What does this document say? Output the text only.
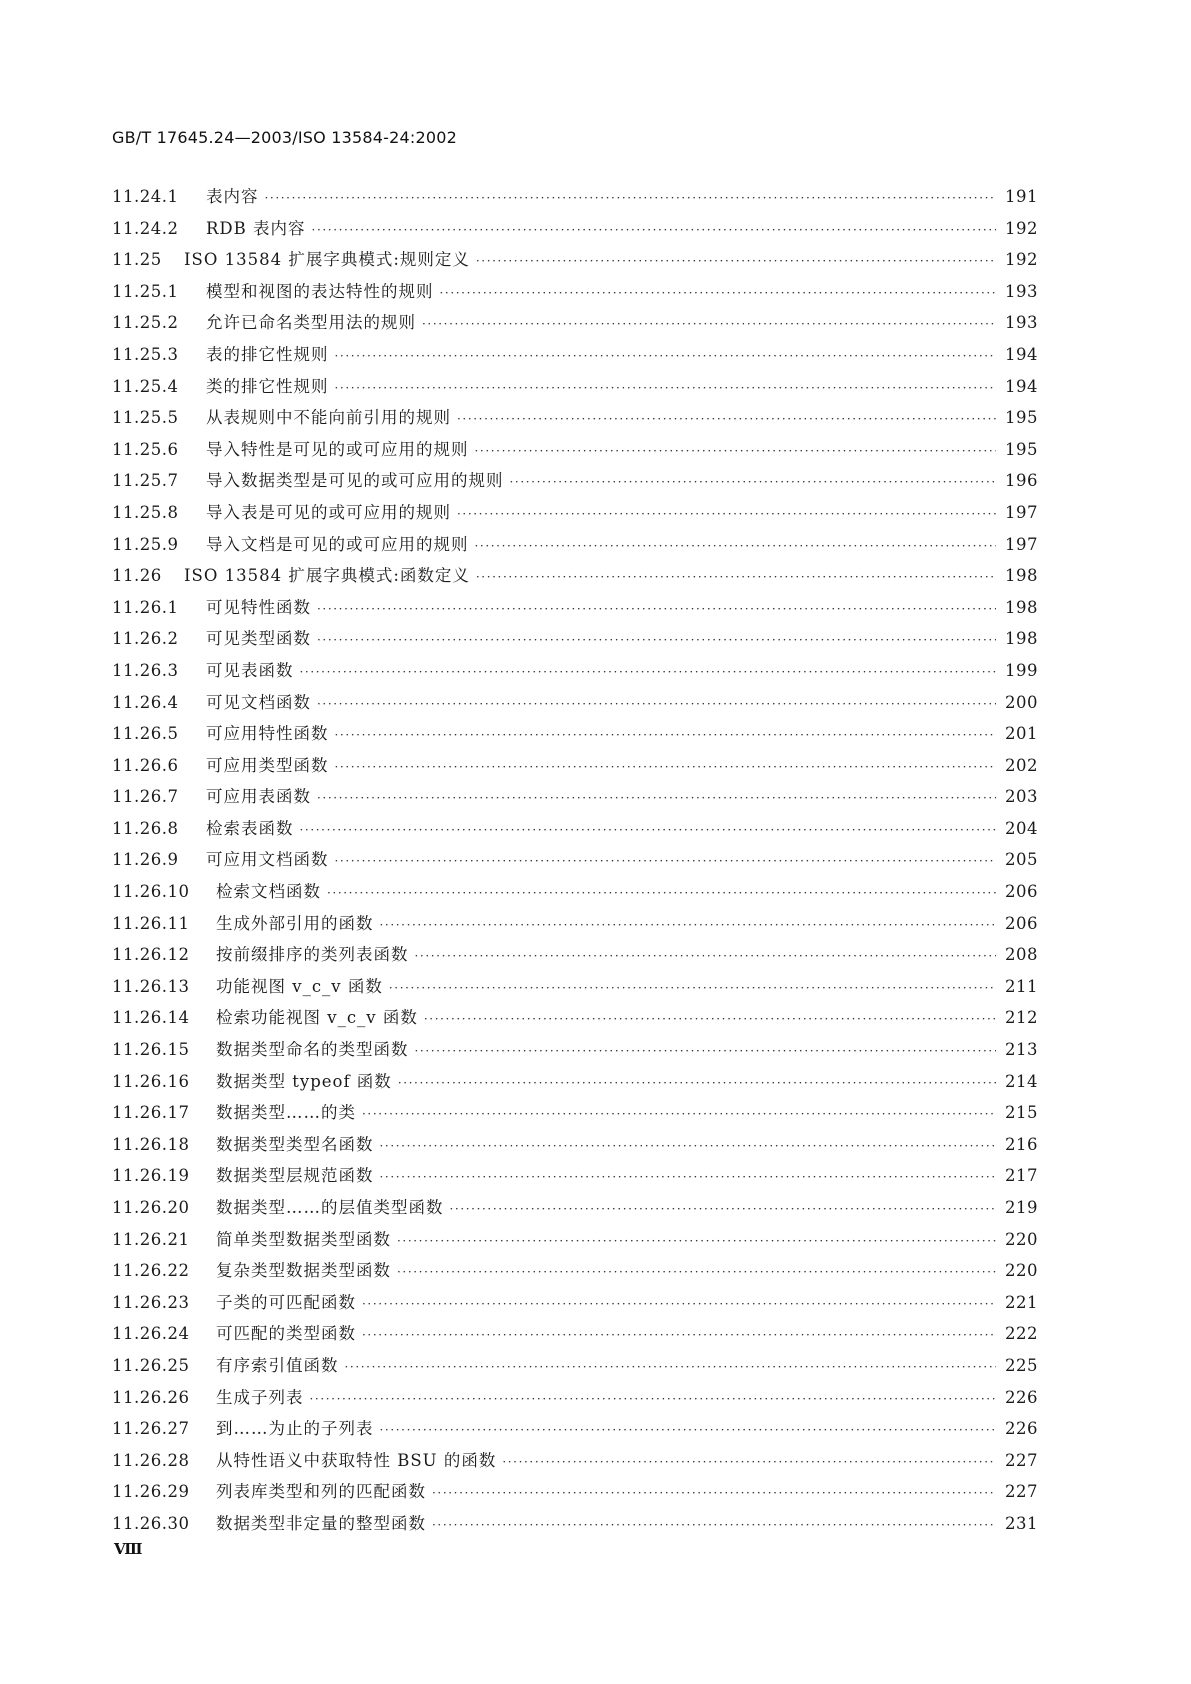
GB/T 17645.24—2003/ISO 13584-24:2002
11.24.1	表内容 ·····	191
11.24.2	RDB 表内容 ·····	192
11.25	ISO 13584 扩展字典模式:规则定义 ·····	192
11.25.1	模型和视图的表达特性的规则 ·····	193
11.25.2	允许已命名类型用法的规则 ·····	193
11.25.3	表的排它性规则 ·····	194
11.25.4	类的排它性规则 ·····	194
11.25.5	从表规则中不能向前引用的规则 ·····	195
11.25.6	导入特性是可见的或可应用的规则 ·····	195
11.25.7	导入数据类型是可见的或可应用的规则 ·····	196
11.25.8	导入表是可见的或可应用的规则 ·····	197
11.25.9	导入文档是可见的或可应用的规则 ·····	197
11.26	ISO 13584 扩展字典模式:函数定义 ·····	198
11.26.1	可见特性函数 ·····	198
11.26.2	可见类型函数 ·····	198
11.26.3	可见表函数 ·····	199
11.26.4	可见文档函数 ·····	200
11.26.5	可应用特性函数 ·····	201
11.26.6	可应用类型函数 ·····	202
11.26.7	可应用表函数 ·····	203
11.26.8	检索表函数 ·····	204
11.26.9	可应用文档函数 ·····	205
11.26.10	检索文档函数 ·····	206
11.26.11	生成外部引用的函数 ·····	206
11.26.12	按前缀排序的类列表函数 ·····	208
11.26.13	功能视图 v_c_v 函数 ·····	211
11.26.14	检索功能视图 v_c_v 函数 ·····	212
11.26.15	数据类型命名的类型函数 ·····	213
11.26.16	数据类型 typeof 函数 ·····	214
11.26.17	数据类型……的类 ·····	215
11.26.18	数据类型类型名函数 ·····	216
11.26.19	数据类型层规范函数 ·····	217
11.26.20	数据类型……的层值类型函数 ·····	219
11.26.21	简单类型数据类型函数 ·····	220
11.26.22	复杂类型数据类型函数 ·····	220
11.26.23	子类的可匹配函数 ·····	221
11.26.24	可匹配的类型函数 ·····	222
11.26.25	有序索引值函数 ·····	225
11.26.26	生成子列表 ·····	226
11.26.27	到……为止的子列表 ·····	226
11.26.28	从特性语义中获取特性 BSU 的函数 ·····	227
11.26.29	列表库类型和列的匹配函数 ·····	227
11.26.30	数据类型非定量的整型函数 ·····	231
Ⅷ
